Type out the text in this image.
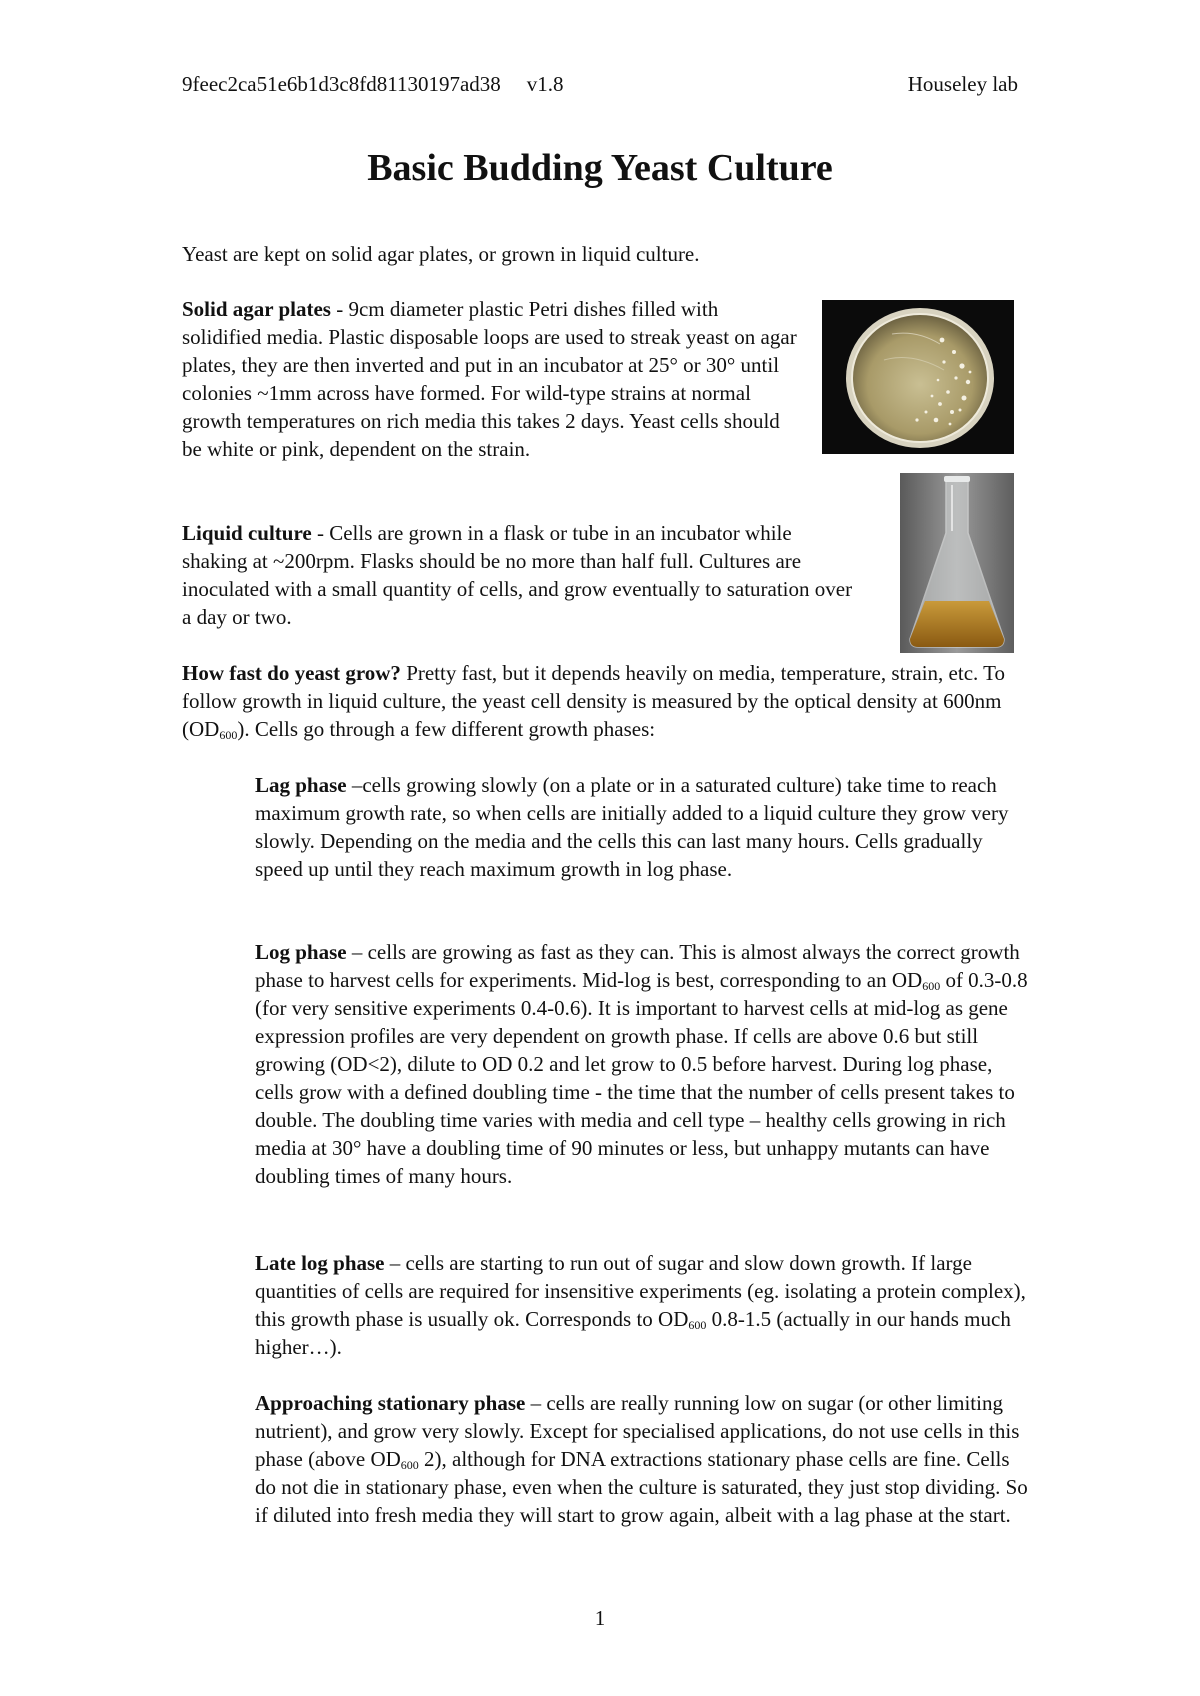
9feec2ca51e6b1d3c8fd81130197ad38 v1.8	Houseley lab
Basic Budding Yeast Culture

Yeast are kept on solid agar plates, or grown in liquid culture.

Solid agar plates - 9cm diameter plastic Petri dishes filled with solidified media. Plastic disposable loops are used to streak yeast on agar plates, they are then inverted and put in an incubator at 25° or 30° until colonies ~1mm across have formed. For wild-type strains at normal growth temperatures on rich media this takes 2 days. Yeast cells should be white or pink, dependent on the strain.

Liquid culture - Cells are grown in a flask or tube in an incubator while shaking at ~200rpm. Flasks should be no more than half full. Cultures are inoculated with a small quantity of cells, and grow eventually to saturation over a day or two.

How fast do yeast grow? Pretty fast, but it depends heavily on media, temperature, strain, etc. To follow growth in liquid culture, the yeast cell density is measured by the optical density at 600nm $(OD_{600})$. Cells go through a few different growth phases:

Lag phase –cells growing slowly (on a plate or in a saturated culture) take time to reach maximum growth rate, so when cells are initially added to a liquid culture they grow very slowly. Depending on the media and the cells this can last many hours. Cells gradually speed up until they reach maximum growth in log phase.

Log phase – cells are growing as fast as they can. This is almost always the correct growth phase to harvest cells for experiments. Mid-log is best, corresponding to an $OD_{600}$ of 0.3-0.8 (for very sensitive experiments 0.4-0.6). It is important to harvest cells at mid-log as gene expression profiles are very dependent on growth phase. If cells are above 0.6 but still growing (OD<2), dilute to OD 0.2 and let grow to 0.5 before harvest. During log phase, cells grow with a defined doubling time - the time that the number of cells present takes to double. The doubling time varies with media and cell type – healthy cells growing in rich media at 30° have a doubling time of 90 minutes or less, but unhappy mutants can have doubling times of many hours.

Late log phase – cells are starting to run out of sugar and slow down growth. If large quantities of cells are required for insensitive experiments (eg. isolating a protein complex), this growth phase is usually ok. Corresponds to $OD_{600}$ 0.8-1.5 (actually in our hands much higher…).

Approaching stationary phase – cells are really running low on sugar (or other limiting nutrient), and grow very slowly. Except for specialised applications, do not use cells in this phase (above $OD_{600}$ 2), although for DNA extractions stationary phase cells are fine. Cells do not die in stationary phase, even when the culture is saturated, they just stop dividing. So if diluted into fresh media they will start to grow again, albeit with a lag phase at the start.

1
